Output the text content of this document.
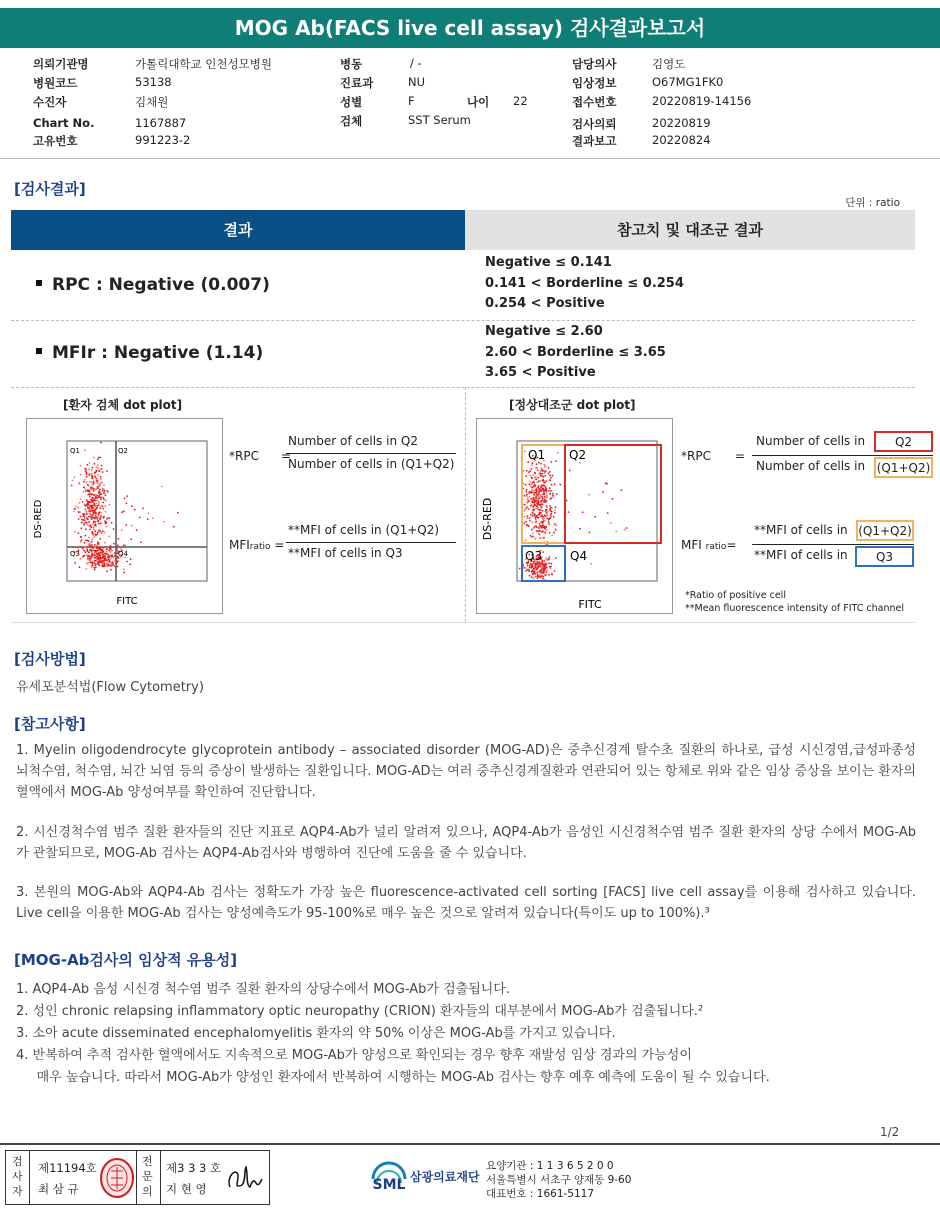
MOG Ab(FACS live cell assay) 검사결과보고서
의뢰기관명	가톨릭대학교 인천성모병원
병원코드	53138
수진자	김채원
Chart No.	1167887
고유번호	991223-2
병동	/ -
진료과	NU
성별	F	나이 22
검체	SST Serum
담당의사	김영도
임상정보	O67MG1FK0
접수번호	20220819-14156
검사의뢰	20220819
결과보고	20220824
[검사결과]
단위 : ratio
결과	참고치 및 대조군 결과
RPC : Negative (0.007)
Negative ≤ 0.141
0.141 < Borderline ≤ 0.254
0.254 < Positive
MFIr : Negative (1.14)
Negative ≤ 2.60
2.60 < Borderline ≤ 3.65
3.65 < Positive
[환자 검체 dot plot]	[정상대조군 dot plot]
Q1	Q2
Q3	Q4
FITC
DS-RED
*RPC =
Number of cells in Q2
Number of cells in (Q1+Q2)
MFIratio =
**MFI of cells in (Q1+Q2)
**MFI of cells in Q3
Q1 Q2
Q3 Q4
FITC
DS-RED
*RPC =
Number of cells in	Q2
Number of cells in (Q1+Q2)
MFI ratio=
**MFI of cells in (Q1+Q2)
**MFI of cells in	Q3
*Ratio of positive cell
**Mean fluorescence intensity of FITC channel
[검사방법]
유세포분석법(Flow Cytometry)
[참고사항]
1. Myelin oligodendrocyte glycoprotein antibody – associated disorder (MOG-AD)은 중추신경계 탈수초 질환의 하나로, 급성 시신경염,급성파종성 뇌척수염, 척수염, 뇌간 뇌염 등의 증상이 발생하는 질환입니다. MOG-AD는 여러 중추신경계질환과 연관되어 있는 항체로 위와 같은 임상 증상을 보이는 환자의 혈액에서 MOG-Ab 양성여부를 확인하여 진단합니다.
2. 시신경척수염 범주 질환 환자들의 진단 지표로 AQP4-Ab가 널리 알려져 있으나, AQP4-Ab가 음성인 시신경척수염 범주 질환 환자의 상당 수에서 MOG-Ab가 관찰되므로, MOG-Ab 검사는 AQP4-Ab검사와 병행하여 진단에 도움을 줄 수 있습니다.
3. 본원의 MOG-Ab와 AQP4-Ab 검사는 정확도가 가장 높은 fluorescence-activated cell sorting [FACS] live cell assay를 이용해 검사하고 있습니다. Live cell을 이용한 MOG-Ab 검사는 양성예측도가 95-100%로 매우 높은 것으로 알려져 있습니다(특이도 up to 100%).³
[MOG-Ab검사의 임상적 유용성]
1. AQP4-Ab 음성 시신경 척수염 범주 질환 환자의 상당수에서 MOG-Ab가 검출됩니다.
2. 성인 chronic relapsing inflammatory optic neuropathy (CRION) 환자들의 대부분에서 MOG-Ab가 검출됩니다.²
3. 소아 acute disseminated encephalomyelitis 환자의 약 50% 이상은 MOG-Ab를 가지고 있습니다.
4. 반복하여 추적 검사한 혈액에서도 지속적으로 MOG-Ab가 양성으로 확인되는 경우 향후 재발성 임상 경과의 가능성이
매우 높습니다. 따라서 MOG-Ab가 양성인 환자에서 반복하여 시행하는 MOG-Ab 검사는 향후 예후 예측에 도움이 될 수 있습니다.
1/2
검사자
제11194호
최 삼 규
전문의
제3 3 3 호
지 현 영	SML 삼광의료재단
요양기관 : 1 1 3 6 5 2 0 0
서울특별시 서초구 양재동 9-60
대표번호 : 1661-5117
